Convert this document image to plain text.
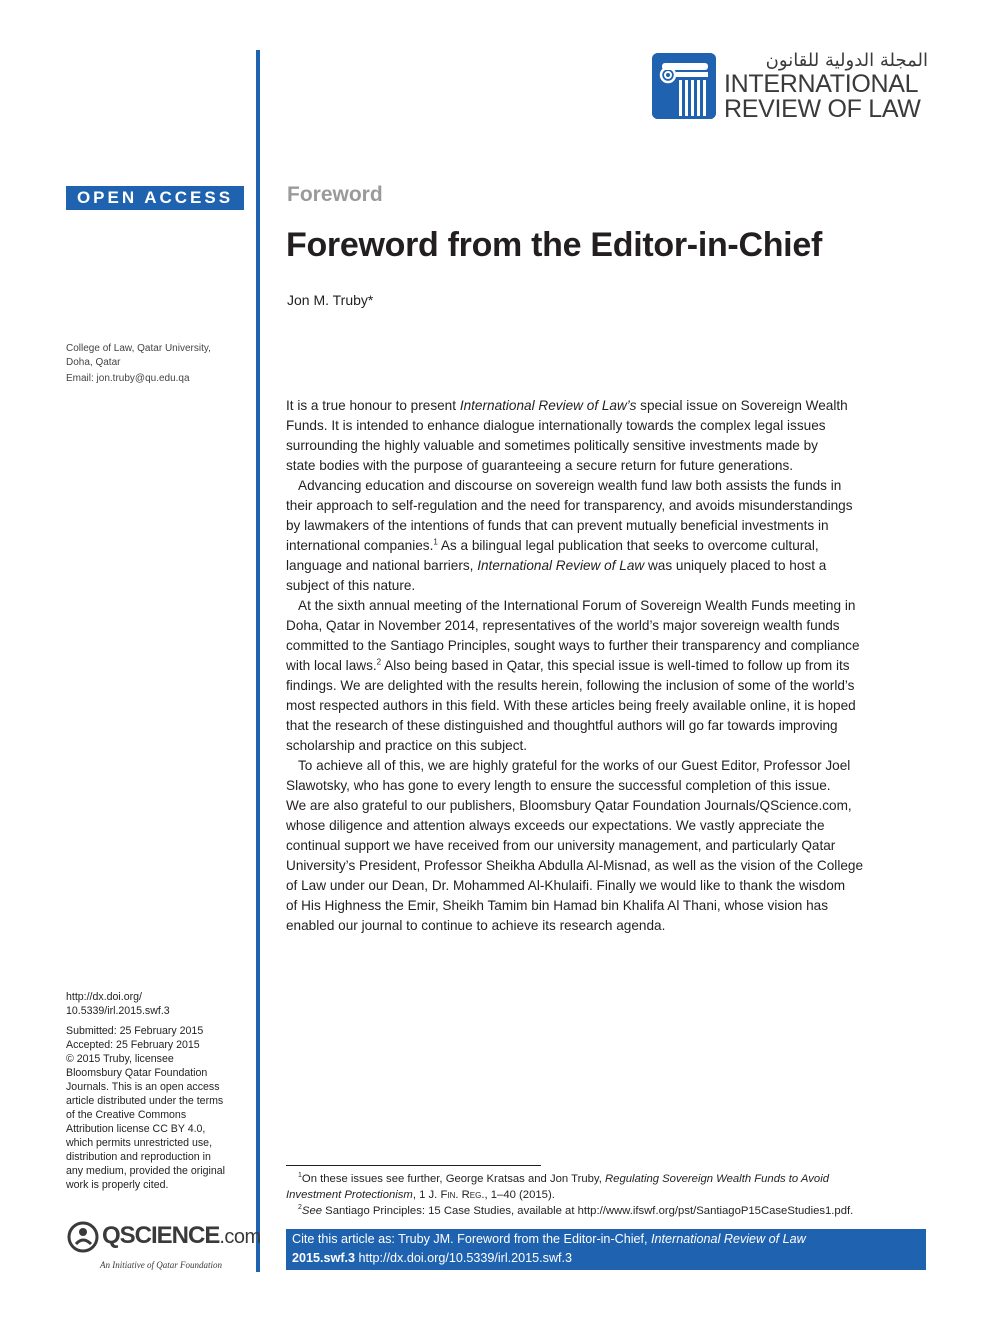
المجلة الدولية للقانون
INTERNATIONAL
REVIEW OF LAW
OPEN ACCESS	Foreword
Foreword from the Editor-in-Chief
Jon M. Truby*
College of Law, Qatar University,
Doha, Qatar
Email: jon.truby@qu.edu.qa
It is a true honour to present International Review of Law’s special issue on Sovereign Wealth
Funds. It is intended to enhance dialogue internationally towards the complex legal issues
surrounding the highly valuable and sometimes politically sensitive investments made by
state bodies with the purpose of guaranteeing a secure return for future generations.
Advancing education and discourse on sovereign wealth fund law both assists the funds in
their approach to self-regulation and the need for transparency, and avoids misunderstandings
by lawmakers of the intentions of funds that can prevent mutually beneficial investments in
international companies.$^1$ As a bilingual legal publication that seeks to overcome cultural,
language and national barriers, International Review of Law was uniquely placed to host a
subject of this nature.
At the sixth annual meeting of the International Forum of Sovereign Wealth Funds meeting in
Doha, Qatar in November 2014, representatives of the world’s major sovereign wealth funds
committed to the Santiago Principles, sought ways to further their transparency and compliance
with local laws.$^2$ Also being based in Qatar, this special issue is well-timed to follow up from its
findings. We are delighted with the results herein, following the inclusion of some of the world’s
most respected authors in this field. With these articles being freely available online, it is hoped
that the research of these distinguished and thoughtful authors will go far towards improving
scholarship and practice on this subject.
To achieve all of this, we are highly grateful for the works of our Guest Editor, Professor Joel
Slawotsky, who has gone to every length to ensure the successful completion of this issue.
We are also grateful to our publishers, Bloomsbury Qatar Foundation Journals/QScience.com,
whose diligence and attention always exceeds our expectations. We vastly appreciate the
continual support we have received from our university management, and particularly Qatar
University’s President, Professor Sheikha Abdulla Al-Misnad, as well as the vision of the College
of Law under our Dean, Dr. Mohammed Al-Khulaifi. Finally we would like to thank the wisdom
of His Highness the Emir, Sheikh Tamim bin Hamad bin Khalifa Al Thani, whose vision has
enabled our journal to continue to achieve its research agenda.
http://dx.doi.org/
10.5339/irl.2015.swf.3
Submitted: 25 February 2015
Accepted: 25 February 2015
© 2015 Truby, licensee
Bloomsbury Qatar Foundation
Journals. This is an open access
article distributed under the terms
of the Creative Commons
Attribution license CC BY 4.0,
which permits unrestricted use,
distribution and reproduction in
any medium, provided the original
work is properly cited.
$^1$On these issues see further, George Kratsas and Jon Truby, Regulating Sovereign Wealth Funds to Avoid
Investment Protectionism, 1 J. Fin. Reg., 1–40 (2015).
$^2$See Santiago Principles: 15 Case Studies, available at http://www.ifswf.org/pst/SantiagoP15CaseStudies1.pdf.
Cite this article as: Truby JM. Foreword from the Editor-in-Chief, International Review of Law
2015.swf.3 http://dx.doi.org/10.5339/irl.2015.swf.3
QSCIENCE.com
An Initiative of Qatar Foundation
